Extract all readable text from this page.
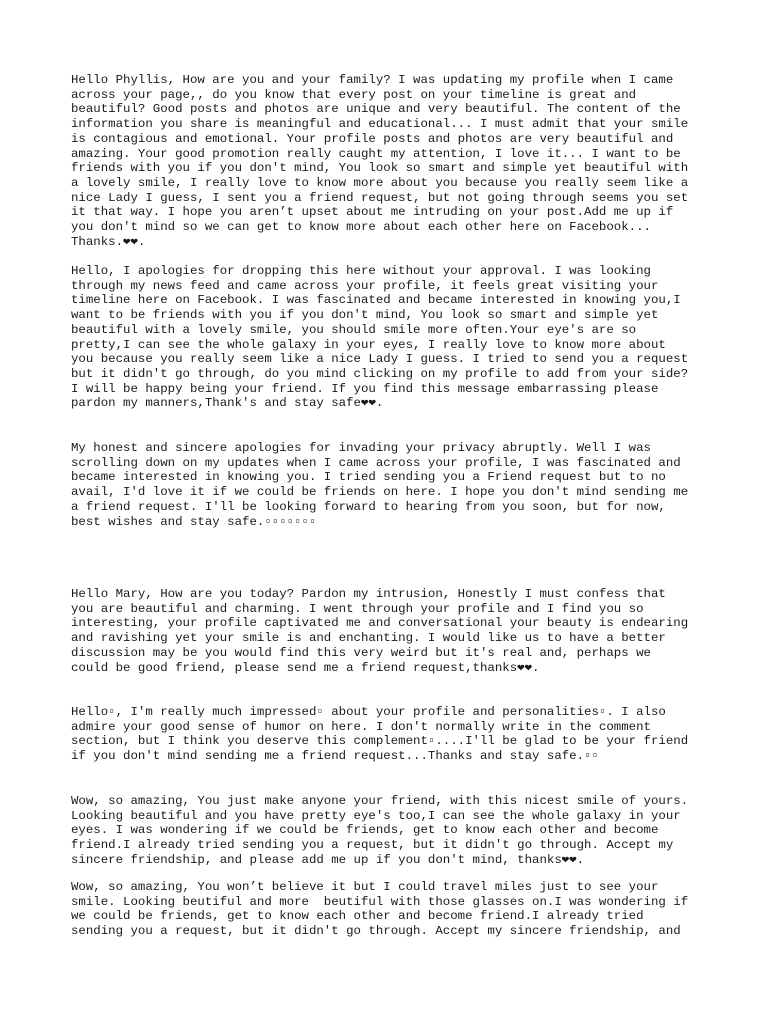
Hello Phyllis, How are you and your family? I was updating my profile when I came
across your page,, do you know that every post on your timeline is great and
beautiful? Good posts and photos are unique and very beautiful. The content of the
information you share is meaningful and educational... I must admit that your smile
is contagious and emotional. Your profile posts and photos are very beautiful and
amazing. Your good promotion really caught my attention, I love it... I want to be
friends with you if you don't mind, You look so smart and simple yet beautiful with
a lovely smile, I really love to know more about you because you really seem like a
nice Lady I guess, I sent you a friend request, but not going through seems you set
it that way. I hope you aren’t upset about me intruding on your post.Add me up if
you don't mind so we can get to know more about each other here on Facebook...
Thanks.❤❤.

Hello, I apologies for dropping this here without your approval. I was looking
through my news feed and came across your profile, it feels great visiting your
timeline here on Facebook. I was fascinated and became interested in knowing you,I
want to be friends with you if you don't mind, You look so smart and simple yet
beautiful with a lovely smile, you should smile more often.Your eye's are so
pretty,I can see the whole galaxy in your eyes, I really love to know more about
you because you really seem like a nice Lady I guess. I tried to send you a request
but it didn't go through, do you mind clicking on my profile to add from your side?
I will be happy being your friend. If you find this message embarrassing please
pardon my manners,Thank's and stay safe❤❤.

My honest and sincere apologies for invading your privacy abruptly. Well I was
scrolling down on my updates when I came across your profile, I was fascinated and
became interested in knowing you. I tried sending you a Friend request but to no
avail, I'd love it if we could be friends on here. I hope you don't mind sending me
a friend request. I'll be looking forward to hearing from you soon, but for now,
best wishes and stay safe.▫▫▫▫▫▫▫

Hello Mary, How are you today? Pardon my intrusion, Honestly I must confess that
you are beautiful and charming. I went through your profile and I find you so
interesting, your profile captivated me and conversational your beauty is endearing
and ravishing yet your smile is and enchanting. I would like us to have a better
discussion may be you would find this very weird but it's real and, perhaps we
could be good friend, please send me a friend request,thanks❤❤.

Hello▫, I'm really much impressed▫ about your profile and personalities▫. I also
admire your good sense of humor on here. I don't normally write in the comment
section, but I think you deserve this complement▫....I'll be glad to be your friend
if you don't mind sending me a friend request...Thanks and stay safe.▫▫

Wow, so amazing, You just make anyone your friend, with this nicest smile of yours.
Looking beautiful and you have pretty eye's too,I can see the whole galaxy in your
eyes. I was wondering if we could be friends, get to know each other and become
friend.I already tried sending you a request, but it didn't go through. Accept my
sincere friendship, and please add me up if you don't mind, thanks❤❤.

Wow, so amazing, You won’t believe it but I could travel miles just to see your
smile. Looking beutiful and more  beutiful with those glasses on.I was wondering if
we could be friends, get to know each other and become friend.I already tried
sending you a request, but it didn't go through. Accept my sincere friendship, and
